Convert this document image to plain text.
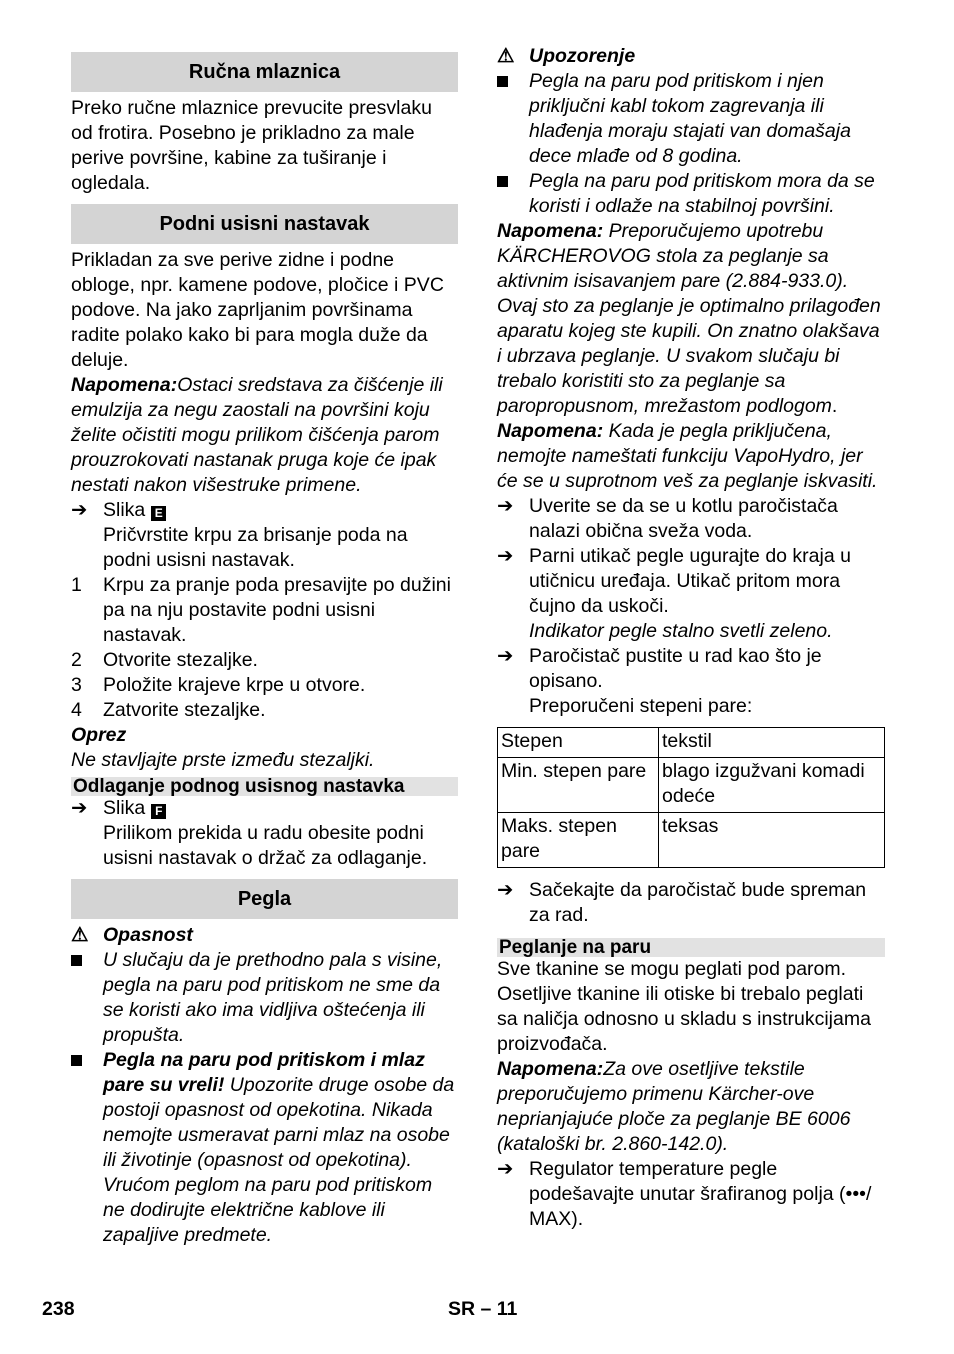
Ručna mlaznica

Preko ručne mlaznice prevucite presvlaku od frotira. Posebno je prikladno za male perive površine, kabine za tuširanje i ogledala.

Podni usisni nastavak

Prikladan za sve perive zidne i podne obloge, npr. kamene podove, pločice i PVC podove. Na jako zaprljanim površinama radite polako kako bi para mogla duže da deluje.

Napomena:Ostaci sredstava za čišćenje ili emulzija za negu zaostali na površini koju želite očistiti mogu prilikom čišćenja parom prouzrokovati nastanak pruga koje će ipak nestati nakon višestruke primene.

➔ Slika E

Pričvrstite krpu za brisanje poda na podni usisni nastavak.

1	Krpu za pranje poda presavijte po dužini pa na nju postavite podni usisni nastavak.
2	Otvorite stezaljke.
3	Položite krajeve krpe u otvore.
4	Zatvorite stezaljke.

Oprez

Ne stavljajte prste između stezaljki.

Odlaganje podnog usisnog nastavka
➔ Slika F

Prilikom prekida u radu obesite podni usisni nastavak o držač za odlaganje.

Pegla
⚠ Opasnost
U slučaju da je prethodno pala s visine, pegla na paru pod pritiskom ne sme da se koristi ako ima vidljiva oštećenja ili propušta.
Pegla na paru pod pritiskom i mlaz pare su vreli! Upozorite druge osobe da postoji opasnost od opekotina. Nikada nemojte usmeravat parni mlaz na osobe ili životinje (opasnost od opekotina). Vrućom peglom na paru pod pritiskom ne dodirujte električne kablove ili zapaljive predmete.
⚠ Upozorenje
Pegla na paru pod pritiskom i njen priključni kabl tokom zagrevanja ili hlađenja moraju stajati van domašaja dece mlađe od 8 godina.
Pegla na paru pod pritiskom mora da se koristi i odlaže na stabilnoj površini.

Napomena: Preporučujemo upotrebu KÄRCHEROVOG stola za peglanje sa aktivnim isisavanjem pare (2.884-933.0). Ovaj sto za peglanje je optimalno prilagođen aparatu kojeg ste kupili. On znatno olakšava i ubrzava peglanje. U svakom slučaju bi trebalo koristiti sto za peglanje sa paropropusnom, mrežastom podlogom.

Napomena: Kada je pegla priključena, nemojte nameštati funkciju VapoHydro, jer će se u suprotnom veš za peglanje iskvasiti.

➔ Uverite se da se u kotlu paročistača nalazi obična sveža voda.
➔ Parni utikač pegle ugurajte do kraja u utičnicu uređaja. Utikač pritom mora čujno da uskoči.

Indikator pegle stalno svetli zeleno.

➔ Paročistač pustite u rad kao što je opisano.

Preporučeni stepeni pare:

Stepen	tekstil
Min. stepen pare	blago izgužvani komadi odeće
Maks. stepen pare	teksas
➔ Sačekajte da paročistač bude spreman za rad.
Peglanje na paru

Sve tkanine se mogu peglati pod parom. Osetljive tkanine ili otiske bi trebalo peglati sa naličja odnosno u skladu s instrukcijama proizvođača.

Napomena:Za ove osetljive tekstile preporučujemo primenu Kärcher-ove neprianjajuće ploče za peglanje BE 6006 (kataloški br. 2.860-142.0).

➔ Regulator temperature pegle podešavajte unutar šrafiranog polja (•••/ MAX).
238	SR – 11
